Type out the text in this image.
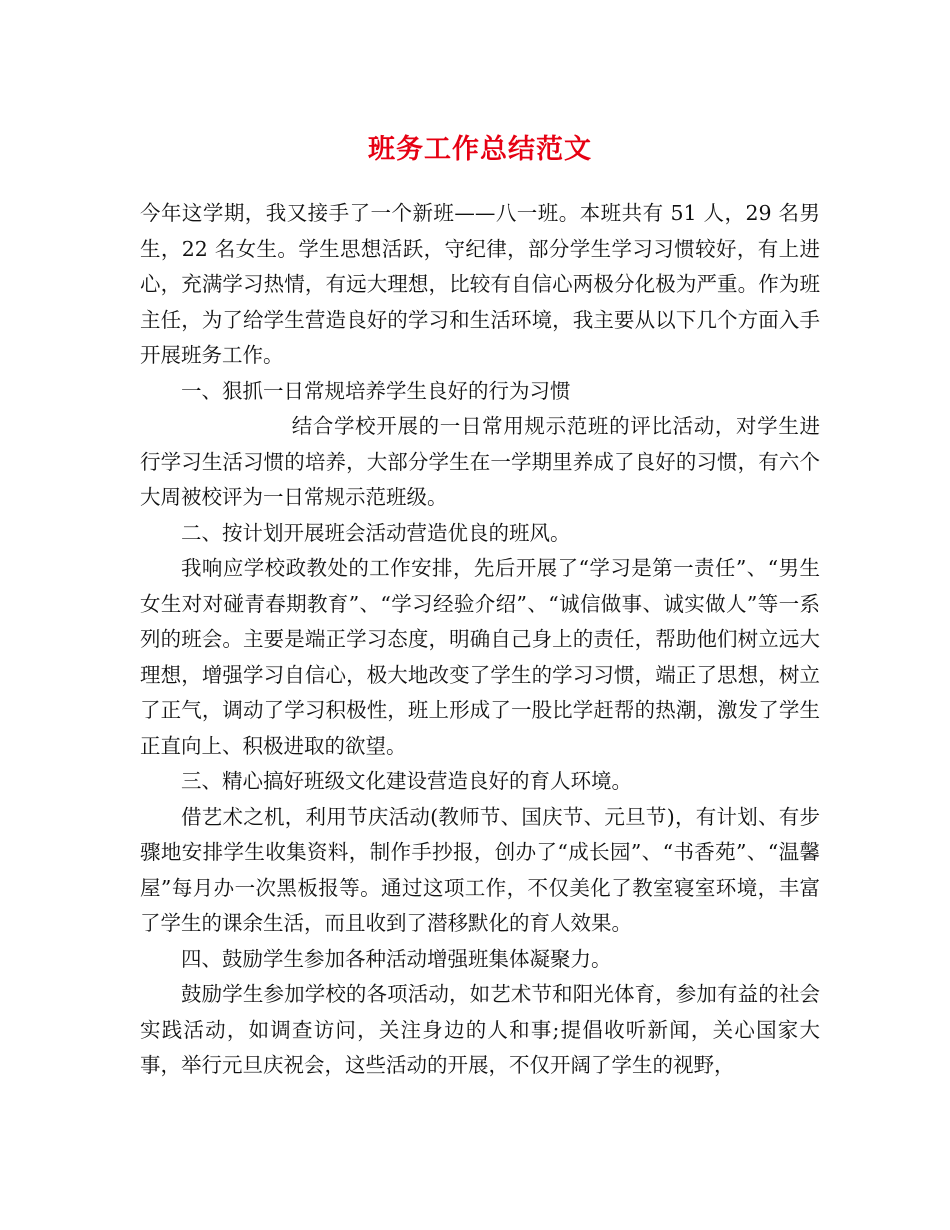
班务工作总结范文

今年这学期，我又接手了一个新班——八一班。本班共有 51 人，29 名男生，22 名女生。学生思想活跃，守纪律，部分学生学习习惯较好，有上进心，充满学习热情，有远大理想，比较有自信心两极分化极为严重。作为班主任，为了给学生营造良好的学习和生活环境，我主要从以下几个方面入手开展班务工作。

一、狠抓一日常规培养学生良好的行为习惯

结合学校开展的一日常用规示范班的评比活动，对学生进行学习生活习惯的培养，大部分学生在一学期里养成了良好的习惯，有六个大周被校评为一日常规示范班级。

二、按计划开展班会活动营造优良的班风。

我响应学校政教处的工作安排，先后开展了“学习是第一责任”、“男生女生对对碰青春期教育”、“学习经验介绍”、“诚信做事、诚实做人”等一系列的班会。主要是端正学习态度，明确自己身上的责任，帮助他们树立远大理想，增强学习自信心，极大地改变了学生的学习习惯，端正了思想，树立了正气，调动了学习积极性，班上形成了一股比学赶帮的热潮，激发了学生正直向上、积极进取的欲望。

三、精心搞好班级文化建设营造良好的育人环境。

借艺术之机，利用节庆活动(教师节、国庆节、元旦节)，有计划、有步骤地安排学生收集资料，制作手抄报，创办了“成长园”、“书香苑”、“温馨屋”每月办一次黑板报等。通过这项工作，不仅美化了教室寝室环境，丰富了学生的课余生活，而且收到了潜移默化的育人效果。

四、鼓励学生参加各种活动增强班集体凝聚力。

鼓励学生参加学校的各项活动，如艺术节和阳光体育，参加有益的社会实践活动，如调查访问，关注身边的人和事;提倡收听新闻，关心国家大事，举行元旦庆祝会，这些活动的开展，不仅开阔了学生的视野，
